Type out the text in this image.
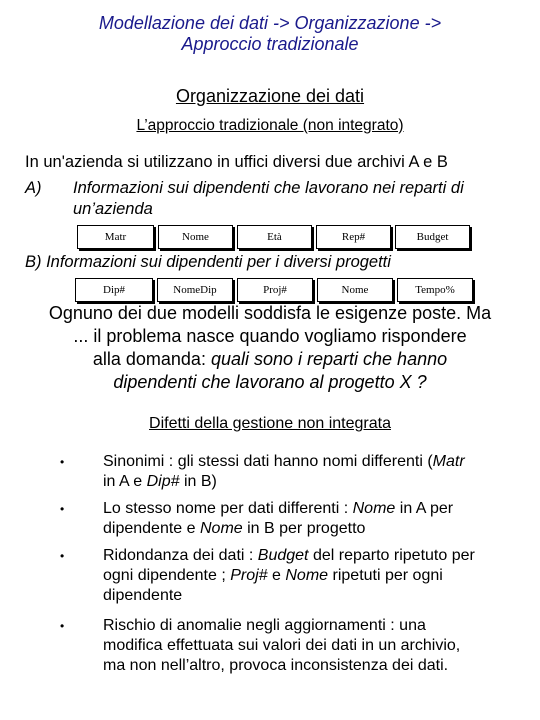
Modellazione dei dati -> Organizzazione ->
Approccio tradizionale
Organizzazione dei dati
L’approccio tradizionale (non integrato)
In un'azienda si utilizzano in uffici diversi due archivi A e B
A) Informazioni sui dipendenti che lavorano nei reparti di
un’azienda
Matr	Nome	Età	Rep#	Budget
B) Informazioni sui dipendenti per i diversi progetti
Dip#	NomeDip	Proj#	Nome	Tempo%
Ognuno dei due modelli soddisfa le esigenze poste. Ma
... il problema nasce quando vogliamo rispondere
alla domanda: quali sono i reparti che hanno
dipendenti che lavorano al progetto X ?
Difetti della gestione non integrata
• Sinonimi : gli stessi dati hanno nomi differenti (Matr
in A e Dip# in B)
• Lo stesso nome per dati differenti : Nome in A per
dipendente e Nome in B per progetto
• Ridondanza dei dati : Budget del reparto ripetuto per
ogni dipendente ; Proj# e Nome ripetuti per ogni
dipendente
• Rischio di anomalie negli aggiornamenti : una
modifica effettuata sui valori dei dati in un archivio,
ma non nell’altro, provoca inconsistenza dei dati.
